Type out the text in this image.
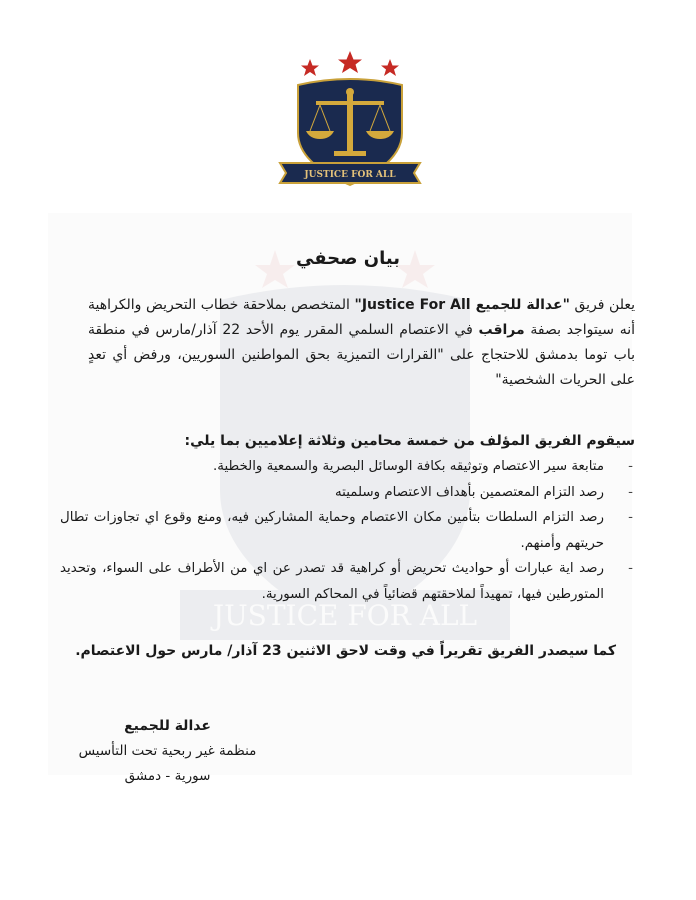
JUSTICE FOR ALL
JUSTICE FOR ALL
بيان صحفي
يعلن فريق "عدالة للجميع Justice For All" المتخصص بملاحقة خطاب التحريض والكراهية أنه سيتواجد بصفة مراقب في الاعتصام السلمي المقرر يوم الأحد 22 آذار/مارس في منطقة باب توما بدمشق للاحتجاج على "القرارات التميزية بحق المواطنين السوريين، ورفض أي تعدٍ على الحريات الشخصية"
سيقوم الفريق المؤلف من خمسة محامين وثلاثة إعلاميين بما يلي:
-
متابعة سير الاعتصام وتوثيقه بكافة الوسائل البصرية والسمعية والخطية.
-
رصد التزام المعتصمين بأهداف الاعتصام وسلميته
-
رصد التزام السلطات بتأمين مكان الاعتصام وحماية المشاركين فيه، ومنع وقوع اي تجاوزات تطال حريتهم وأمنهم.
-
رصد اية عبارات أو حواديث تحريض أو كراهية قد تصدر عن اي من الأطراف على السواء، وتحديد المتورطين فيها، تمهيداً لملاحقتهم قضائياً في المحاكم السورية.
كما سيصدر الفريق تقريراً في وقت لاحق الاثنين 23 آذار/ مارس حول الاعتصام.
عدالة للجميع
منظمة غير ربحية تحت التأسيس
سورية - دمشق
